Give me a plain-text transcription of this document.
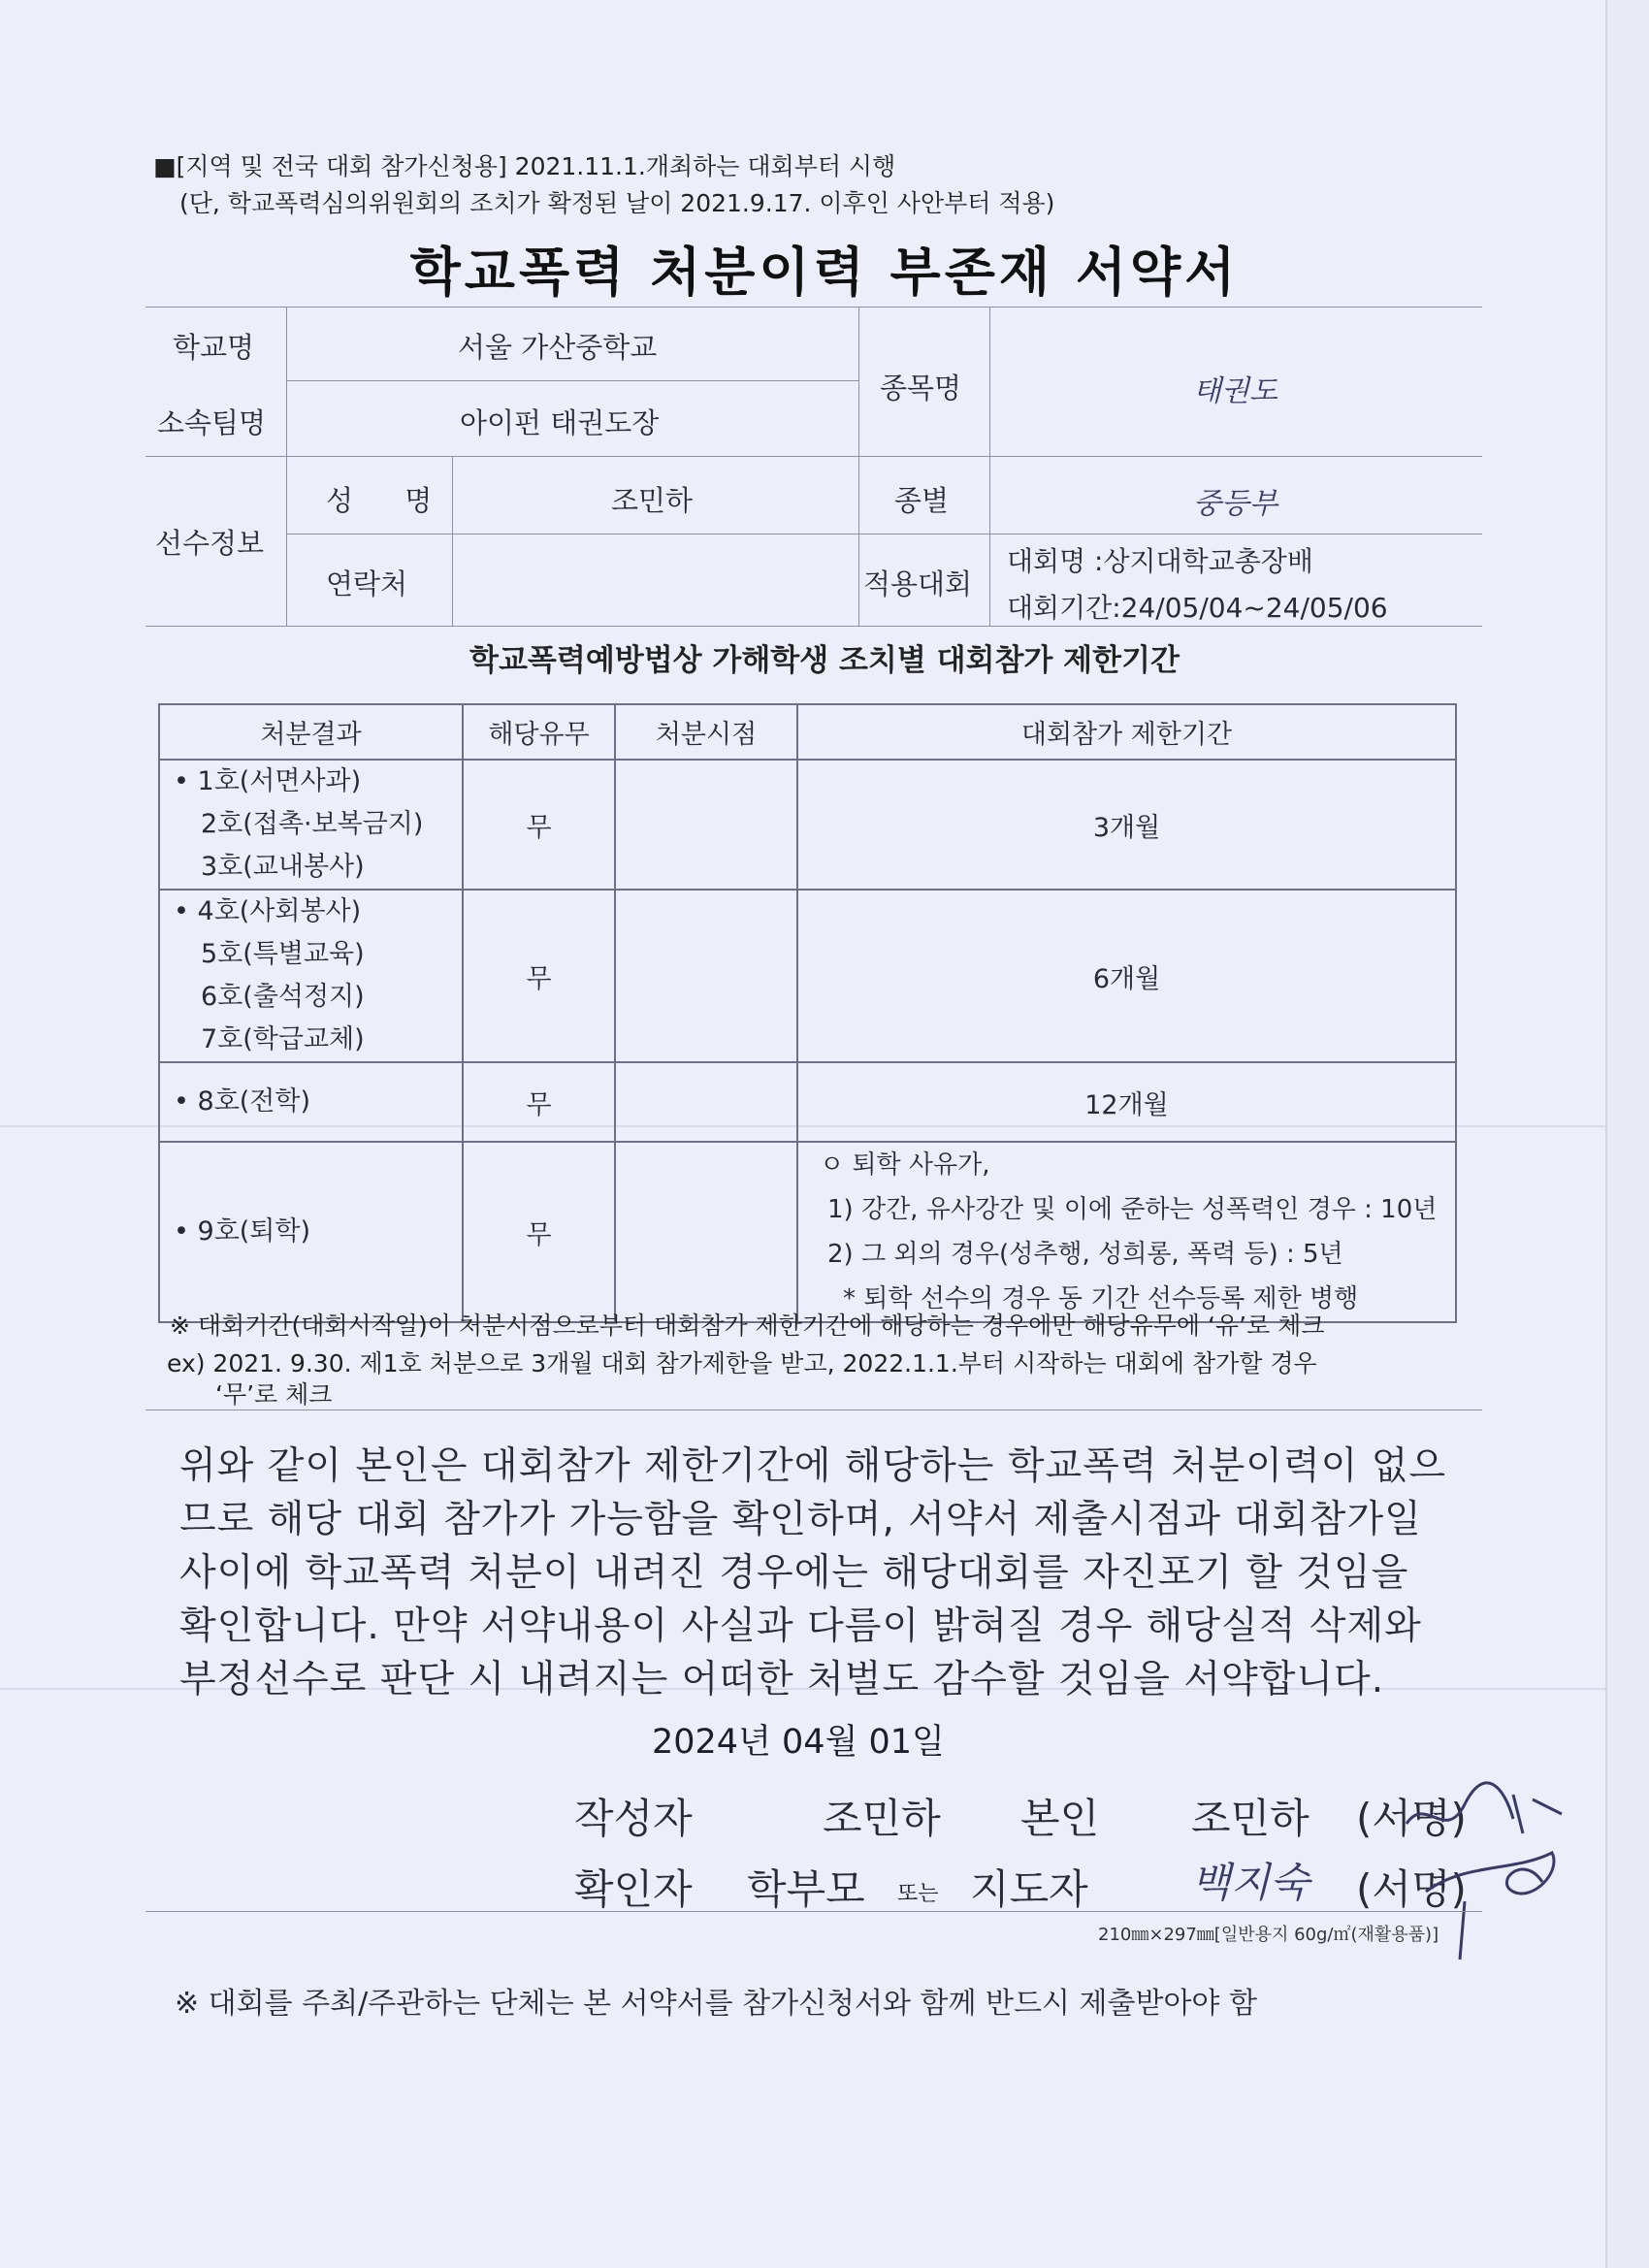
■[지역 및 전국 대회 참가신청용] 2021.11.1.개최하는 대회부터 시행
(단, 학교폭력심의위원회의 조치가 확정된 날이 2021.9.17. 이후인 사안부터 적용)
학교폭력 처분이력 부존재 서약서
학교명	서울 가산중학교
소속팀명	아이펀 태권도장
종목명	태권도
선수정보
성 명	조민하
연락처
종별	중등부
적용대회
대회명 :상지대학교총장배
대회기간:24/05/04~24/05/06
학교폭력예방법상 가해학생 조치별 대회참가 제한기간
처분결과	해당유무	처분시점	대회참가 제한기간

• 1호(서면사과)
2호(접촉·보복금지)
3호(교내봉사)	무		3개월

• 4호(사회봉사)
5호(특별교육)
6호(출석정지)
7호(학급교체)	무		6개월

• 8호(전학)	무		12개월

• 9호(퇴학)	무		ㅇ 퇴학 사유가,
1) 강간, 유사강간 및 이에 준하는 성폭력인 경우 : 10년
2) 그 외의 경우(성추행, 성희롱, 폭력 등) : 5년
* 퇴학 선수의 경우 동 기간 선수등록 제한 병행
※ 대회기간(대회시작일)이 처분시점으로부터 대회참가 제한기간에 해당하는 경우에만 해당유무에 ‘유’로 체크
ex) 2021. 9.30. 제1호 처분으로 3개월 대회 참가제한을 받고, 2022.1.1.부터 시작하는 대회에 참가할 경우
‘무’로 체크
위와 같이 본인은 대회참가 제한기간에 해당하는 학교폭력 처분이력이 없으
므로 해당 대회 참가가 가능함을 확인하며, 서약서 제출시점과 대회참가일
사이에 학교폭력 처분이 내려진 경우에는 해당대회를 자진포기 할 것임을
확인합니다. 만약 서약내용이 사실과 다름이 밝혀질 경우 해당실적 삭제와
부정선수로 판단 시 내려지는 어떠한 처벌도 감수할 것임을 서약합니다.
2024년 04월 01일
작성자	조민하 본인 조민하 (서명)
확인자 학부모 또는 지도자	백지숙 (서명)
210㎜×297㎜[일반용지 60g/㎡(재활용품)]
※ 대회를 주최/주관하는 단체는 본 서약서를 참가신청서와 함께 반드시 제출받아야 함
